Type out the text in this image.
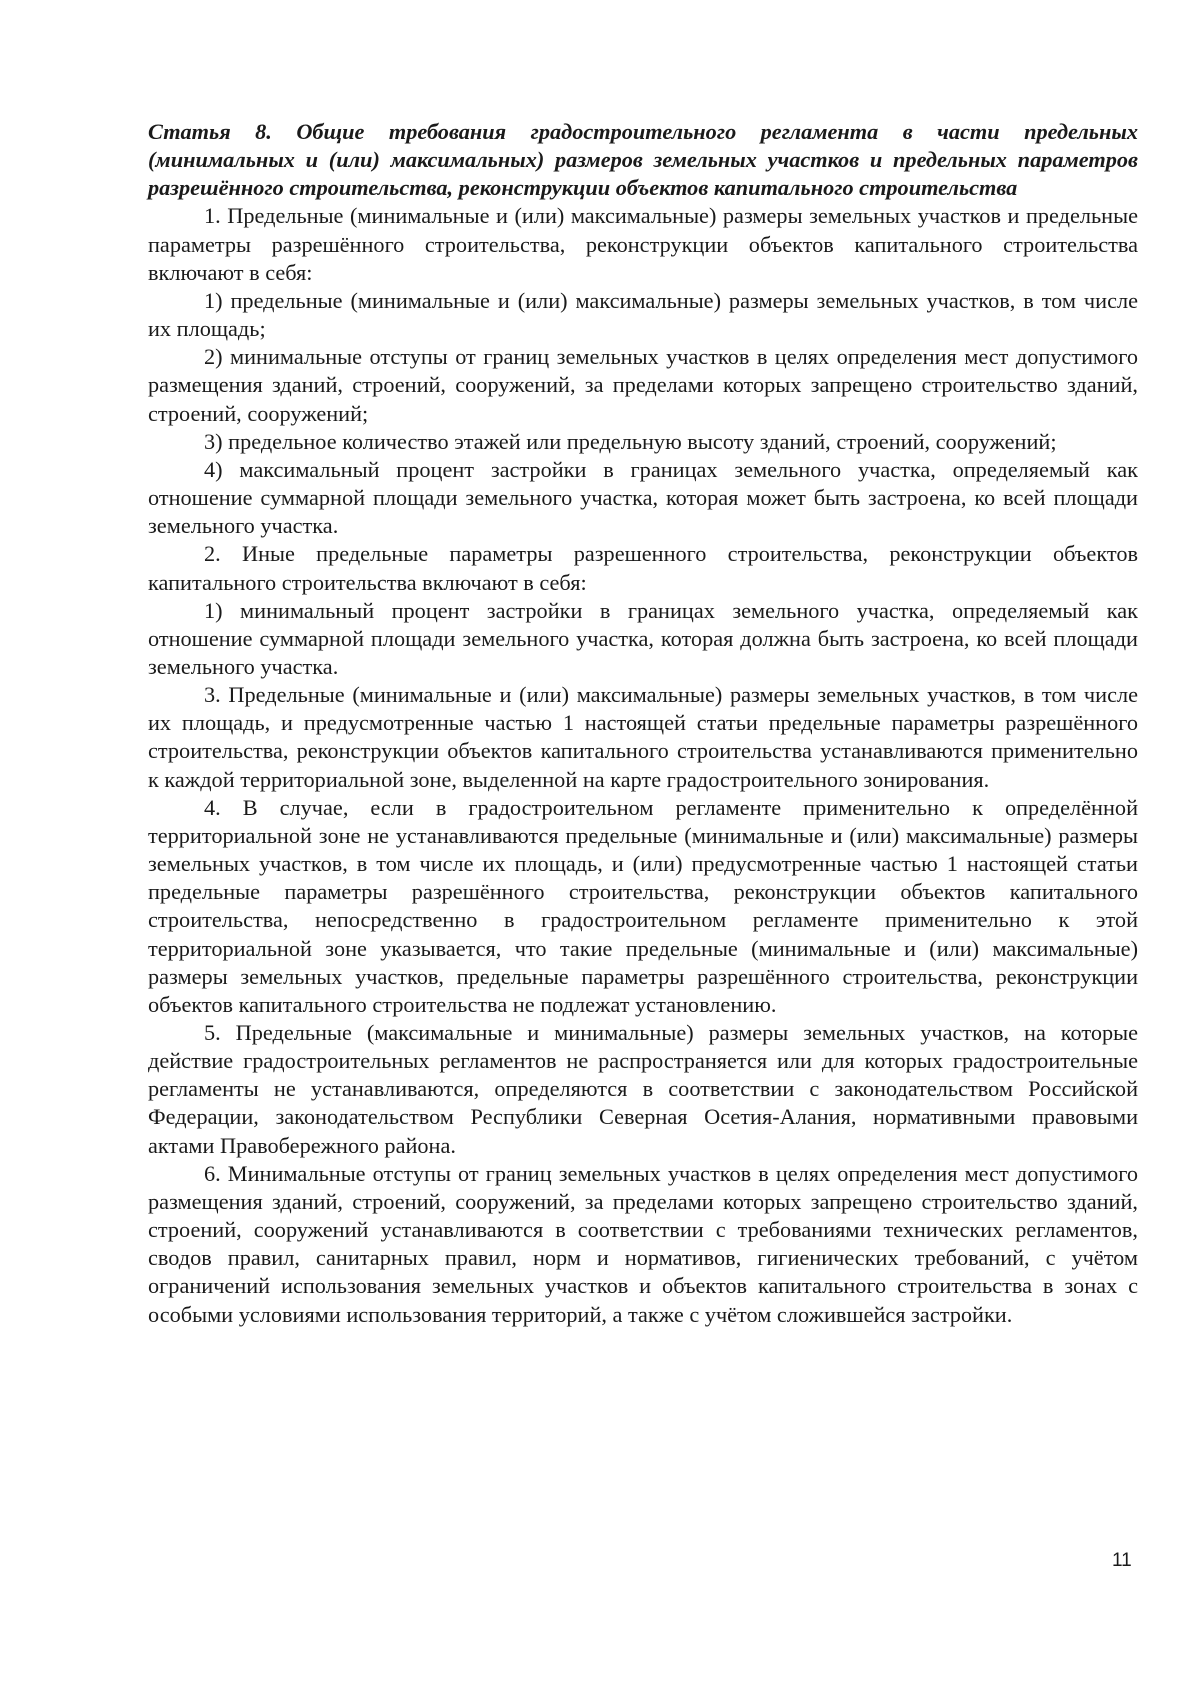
Статья 8. Общие требования градостроительного регламента в части предельных (минимальных и (или) максимальных) размеров земельных участков и предельных параметров разрешённого строительства, реконструкции объектов капитального строительства

1. Предельные (минимальные и (или) максимальные) размеры земельных участков и предельные параметры разрешённого строительства, реконструкции объектов капитального строительства включают в себя:

1) предельные (минимальные и (или) максимальные) размеры земельных участков, в том числе их площадь;

2) минимальные отступы от границ земельных участков в целях определения мест допустимого размещения зданий, строений, сооружений, за пределами которых запрещено строительство зданий, строений, сооружений;

3) предельное количество этажей или предельную высоту зданий, строений, сооружений;

4) максимальный процент застройки в границах земельного участка, определяемый как отношение суммарной площади земельного участка, которая может быть застроена, ко всей площади земельного участка.

2. Иные предельные параметры разрешенного строительства, реконструкции объектов капитального строительства включают в себя:

1) минимальный процент застройки в границах земельного участка, определяемый как отношение суммарной площади земельного участка, которая должна быть застроена, ко всей площади земельного участка.

3. Предельные (минимальные и (или) максимальные) размеры земельных участков, в том числе их площадь, и предусмотренные частью 1 настоящей статьи предельные параметры разрешённого строительства, реконструкции объектов капитального строительства устанавливаются применительно к каждой территориальной зоне, выделенной на карте градостроительного зонирования.

4. В случае, если в градостроительном регламенте применительно к определённой территориальной зоне не устанавливаются предельные (минимальные и (или) максимальные) размеры земельных участков, в том числе их площадь, и (или) предусмотренные частью 1 настоящей статьи предельные параметры разрешённого строительства, реконструкции объектов капитального строительства, непосредственно в градостроительном регламенте применительно к этой территориальной зоне указывается, что такие предельные (минимальные и (или) максимальные) размеры земельных участков, предельные параметры разрешённого строительства, реконструкции объектов капитального строительства не подлежат установлению.

5. Предельные (максимальные и минимальные) размеры земельных участков, на которые действие градостроительных регламентов не распространяется или для которых градостроительные регламенты не устанавливаются, определяются в соответствии с законодательством Российской Федерации, законодательством Республики Северная Осетия-Алания, нормативными правовыми актами Правобережного района.

6. Минимальные отступы от границ земельных участков в целях определения мест допустимого размещения зданий, строений, сооружений, за пределами которых запрещено строительство зданий, строений, сооружений устанавливаются в соответствии с требованиями технических регламентов, сводов правил, санитарных правил, норм и нормативов, гигиенических требований, с учётом ограничений использования земельных участков и объектов капитального строительства в зонах с особыми условиями использования территорий, а также с учётом сложившейся застройки.

11
